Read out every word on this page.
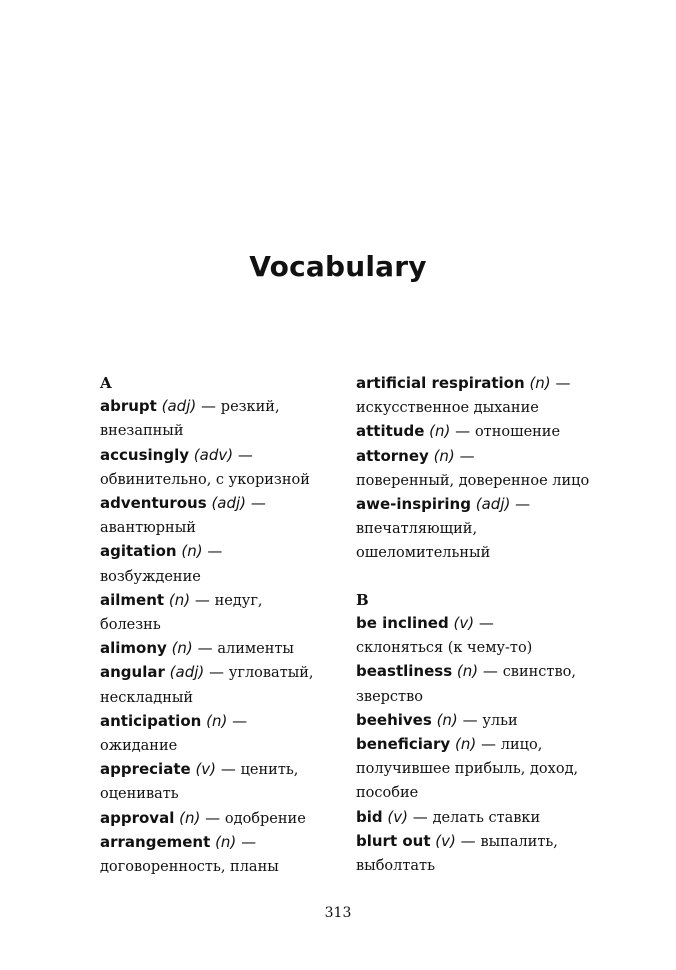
Vocabulary
A
abrupt (adj) — резкий,
внезапный
accusingly (adv) —
обвинительно, с укоризной
adventurous (adj) —
авантюрный
agitation (n) —
возбуждение
ailment (n) — недуг,
болезнь
alimony (n) — алименты
angular (adj) — угловатый,
нескладный
anticipation (n) —
ожидание
appreciate (v) — ценить,
оценивать
approval (n) — одобрение
arrangement (n) —
договоренность, планы
artificial respiration (n) —
искусственное дыхание
attitude (n) — отношение
attorney (n) —
поверенный, доверенное лицо
awe-inspiring (adj) —
впечатляющий, ошеломительный
B
be inclined (v) —
склоняться (к чему-то)
beastliness (n) — свинство,
зверство
beehives (n) — ульи
beneficiary (n) — лицо,
получившее прибыль, доход, пособие
bid (v) — делать ставки
blurt out (v) — выпалить,
выболтать
313
